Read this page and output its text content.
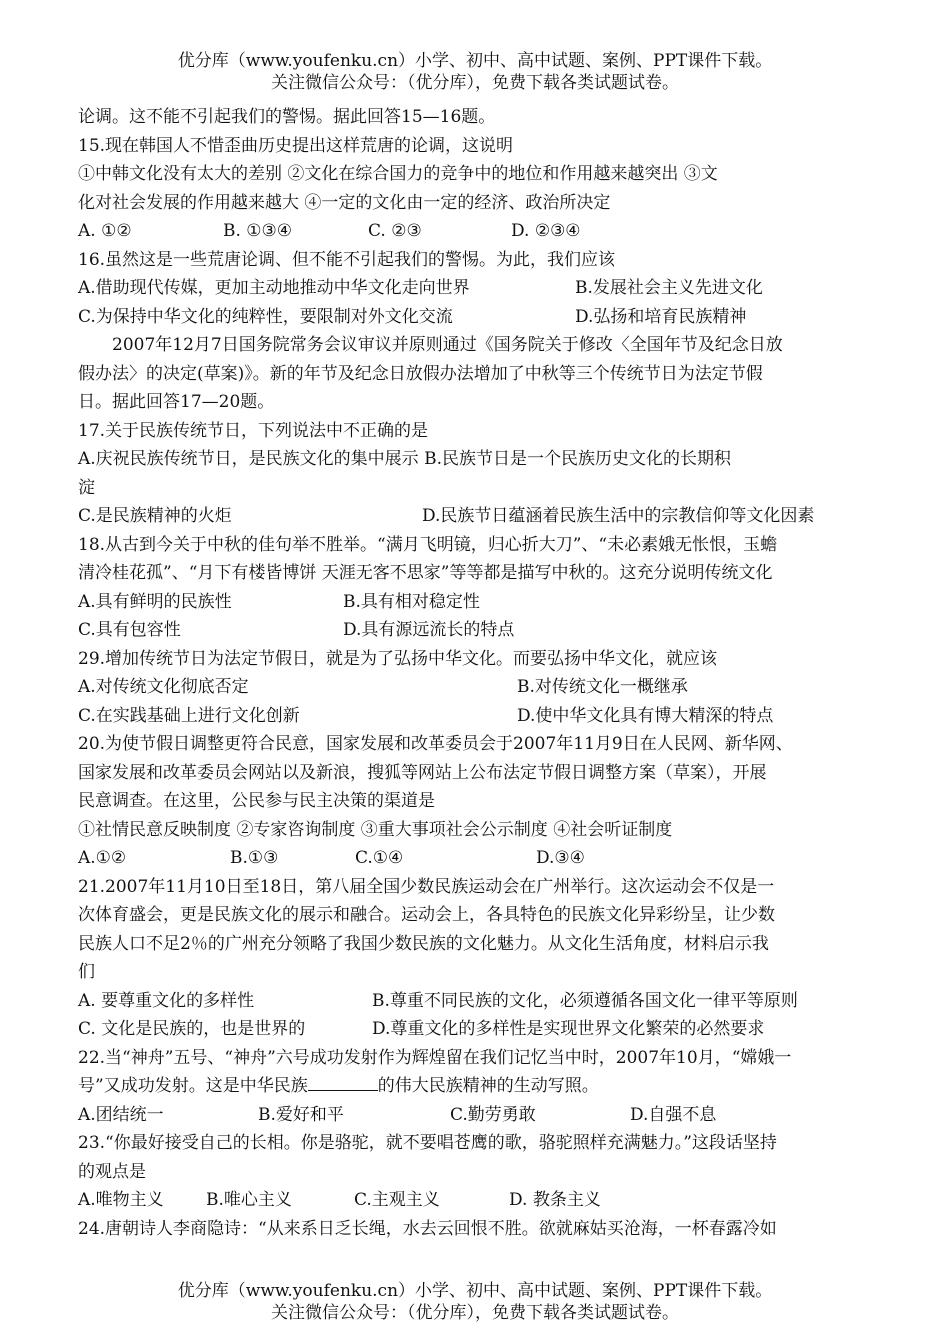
优分库（www.youfenku.cn）小学、初中、高中试题、案例、PPT课件下载。
关注微信公众号：（优分库），免费下载各类试题试卷。
论调。这不能不引起我们的警惕。据此回答15—16题。
15.现在韩国人不惜歪曲历史提出这样荒唐的论调，这说明
①中韩文化没有太大的差别 ②文化在综合国力的竞争中的地位和作用越来越突出 ③文
化对社会发展的作用越来越大 ④一定的文化由一定的经济、政治所决定
A. ①②	B. ①③④	C. ②③	D. ②③④
16.虽然这是一些荒唐论调、但不能不引起我们的警惕。为此，我们应该
A.借助现代传媒，更加主动地推动中华文化走向世界	B.发展社会主义先进文化
C.为保持中华文化的纯粹性，要限制对外文化交流	D.弘扬和培育民族精神
2007年12月7日国务院常务会议审议并原则通过《国务院关于修改〈全国年节及纪念日放
假办法〉的决定(草案)》。新的年节及纪念日放假办法增加了中秋等三个传统节日为法定节假
日。据此回答17—20题。
17.关于民族传统节日，下列说法中不正确的是
A.庆祝民族传统节日，是民族文化的集中展示 B.民族节日是一个民族历史文化的长期积
淀
C.是民族精神的火炬	D.民族节日蕴涵着民族生活中的宗教信仰等文化因素
18.从古到今关于中秋的佳句举不胜举。“满月飞明镜，归心折大刀”、“未必素娥无怅恨，玉蟾
清冷桂花孤”、“月下有楼皆博饼 天涯无客不思家”等等都是描写中秋的。这充分说明传统文化
A.具有鲜明的民族性	B.具有相对稳定性
C.具有包容性	D.具有源远流长的特点
29.增加传统节日为法定节假日，就是为了弘扬中华文化。而要弘扬中华文化，就应该
A.对传统文化彻底否定	B.对传统文化一概继承
C.在实践基础上进行文化创新	D.使中华文化具有博大精深的特点
20.为使节假日调整更符合民意，国家发展和改革委员会于2007年11月9日在人民网、新华网、
国家发展和改革委员会网站以及新浪，搜狐等网站上公布法定节假日调整方案（草案），开展
民意调查。在这里，公民参与民主决策的渠道是
①社情民意反映制度 ②专家咨询制度 ③重大事项社会公示制度 ④社会听证制度
A.①②	B.①③	C.①④	D.③④
21.2007年11月10日至18日，第八届全国少数民族运动会在广州举行。这次运动会不仅是一
次体育盛会，更是民族文化的展示和融合。运动会上，各具特色的民族文化异彩纷呈，让少数
民族人口不足2％的广州充分领略了我国少数民族的文化魅力。从文化生活角度，材料启示我
们
A. 要尊重文化的多样性	B.尊重不同民族的文化，必须遵循各国文化一律平等原则
C. 文化是民族的，也是世界的	D.尊重文化的多样性是实现世界文化繁荣的必然要求
22.当“神舟”五号、“神舟”六号成功发射作为辉煌留在我们记忆当中时，2007年10月，“嫦娥一
号”又成功发射。这是中华民族	的伟大民族精神的生动写照。
A.团结统一	B.爱好和平	C.勤劳勇敢	D.自强不息
23.“你最好接受自己的长相。你是骆驼，就不要唱苍鹰的歌，骆驼照样充满魅力。”这段话坚持
的观点是
A.唯物主义	B.唯心主义	C.主观主义	D. 教条主义
24.唐朝诗人李商隐诗：“从来系日乏长绳，水去云回恨不胜。欲就麻姑买沧海，一杯春露冷如
优分库（www.youfenku.cn）小学、初中、高中试题、案例、PPT课件下载。
关注微信公众号：（优分库），免费下载各类试题试卷。
